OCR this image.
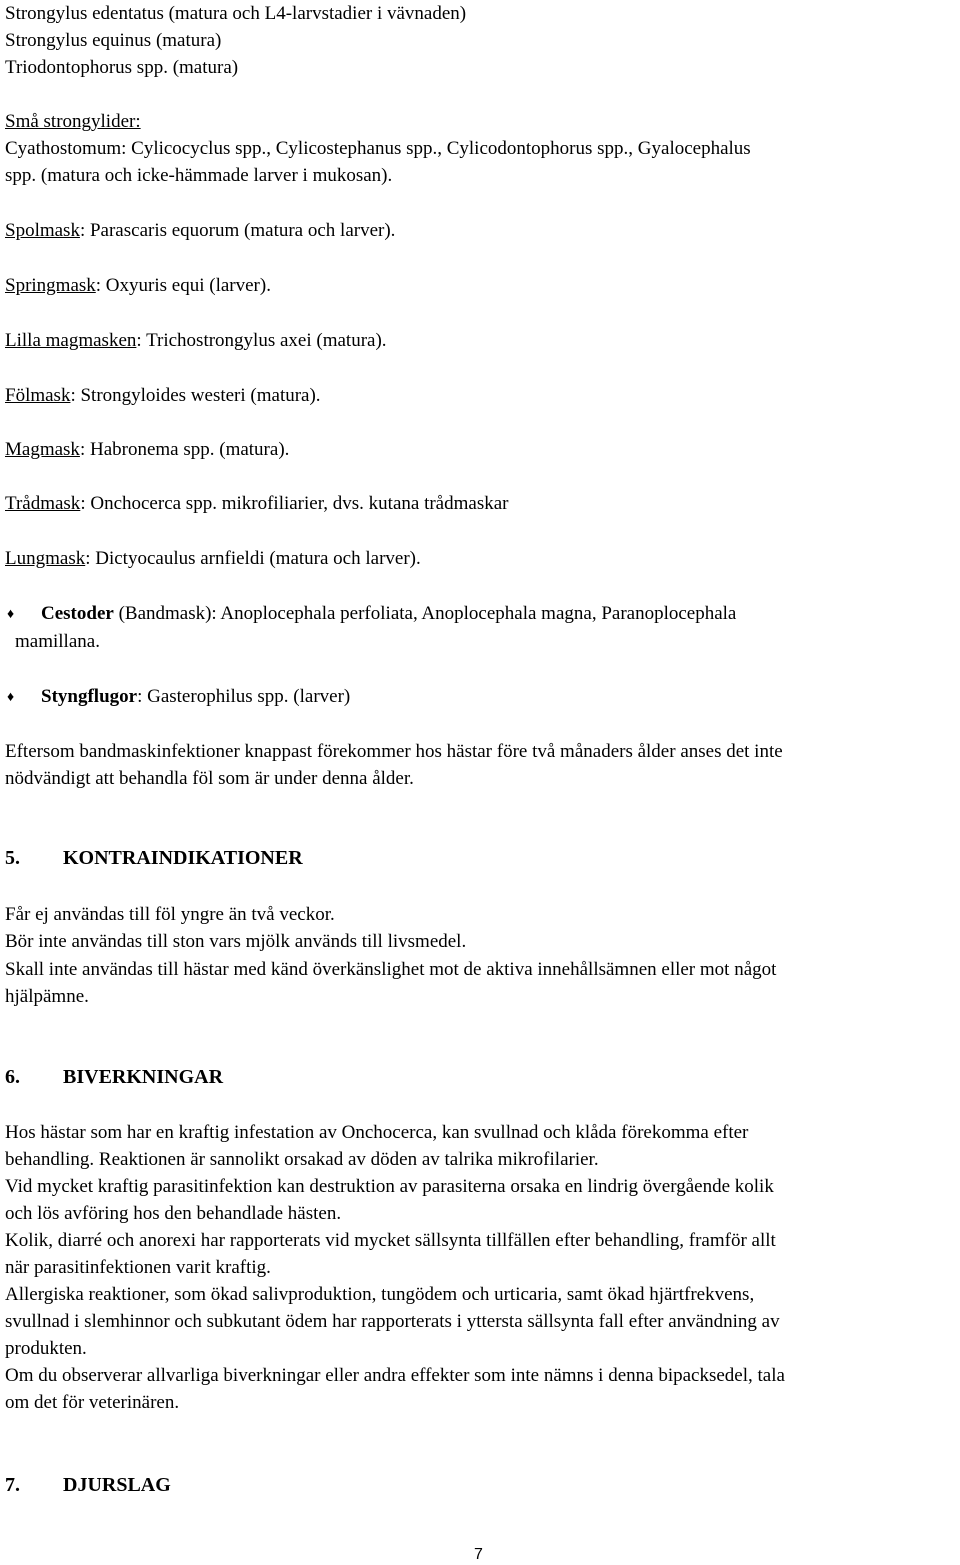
Strongylus edentatus (matura och L4-larvstadier i vävnaden)
Strongylus equinus (matura)
Triodontophorus spp. (matura)
Små strongylider:
Cyathostomum: Cylicocyclus spp., Cylicostephanus spp., Cylicodontophorus spp., Gyalocephalus
spp. (matura och icke-hämmade larver i mukosan).
Spolmask: Parascaris equorum (matura och larver).
Springmask: Oxyuris equi (larver).
Lilla magmasken: Trichostrongylus axei (matura).
Fölmask: Strongyloides westeri (matura).
Magmask: Habronema spp. (matura).
Trådmask: Onchocerca spp. mikrofiliarier, dvs. kutana trådmaskar
Lungmask: Dictyocaulus arnfieldi (matura och larver).
♦ Cestoder (Bandmask): Anoplocephala perfoliata, Anoplocephala magna, Paranoplocephala
mamillana.
♦ Styngflugor: Gasterophilus spp. (larver)
Eftersom bandmaskinfektioner knappast förekommer hos hästar före två månaders ålder anses det inte
nödvändigt att behandla föl som är under denna ålder.
5. KONTRAINDIKATIONER
Får ej användas till föl yngre än två veckor.
Bör inte användas till ston vars mjölk används till livsmedel.
Skall inte användas till hästar med känd överkänslighet mot de aktiva innehållsämnen eller mot något
hjälpämne.
6. BIVERKNINGAR
Hos hästar som har en kraftig infestation av Onchocerca, kan svullnad och klåda förekomma efter
behandling. Reaktionen är sannolikt orsakad av döden av talrika mikrofilarier.
Vid mycket kraftig parasitinfektion kan destruktion av parasiterna orsaka en lindrig övergående kolik
och lös avföring hos den behandlade hästen.
Kolik, diarré och anorexi har rapporterats vid mycket sällsynta tillfällen efter behandling, framför allt
när parasitinfektionen varit kraftig.
Allergiska reaktioner, som ökad salivproduktion, tungödem och urticaria, samt ökad hjärtfrekvens,
svullnad i slemhinnor och subkutant ödem har rapporterats i yttersta sällsynta fall efter användning av
produkten.
Om du observerar allvarliga biverkningar eller andra effekter som inte nämns i denna bipacksedel, tala
om det för veterinären.
7. DJURSLAG
7
